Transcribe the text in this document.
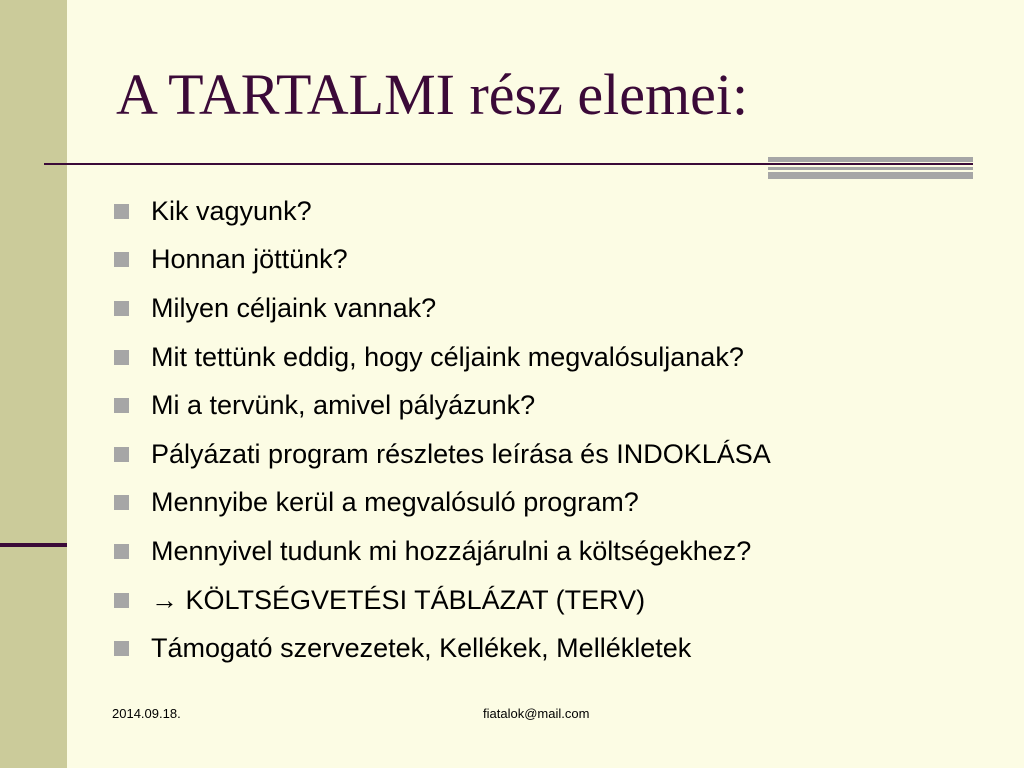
A TARTALMI rész elemei:
Kik vagyunk?
Honnan jöttünk?
Milyen céljaink vannak?
Mit tettünk eddig, hogy céljaink megvalósuljanak?
Mi a tervünk, amivel pályázunk?
Pályázati program részletes leírása és INDOKLÁSA
Mennyibe kerül a megvalósuló program?
Mennyivel tudunk mi hozzájárulni a költségekhez?
→ KÖLTSÉGVETÉSI TÁBLÁZAT (TERV)
Támogató szervezetek, Kellékek, Mellékletek
2014.09.18.	fiatalok@mail.com
